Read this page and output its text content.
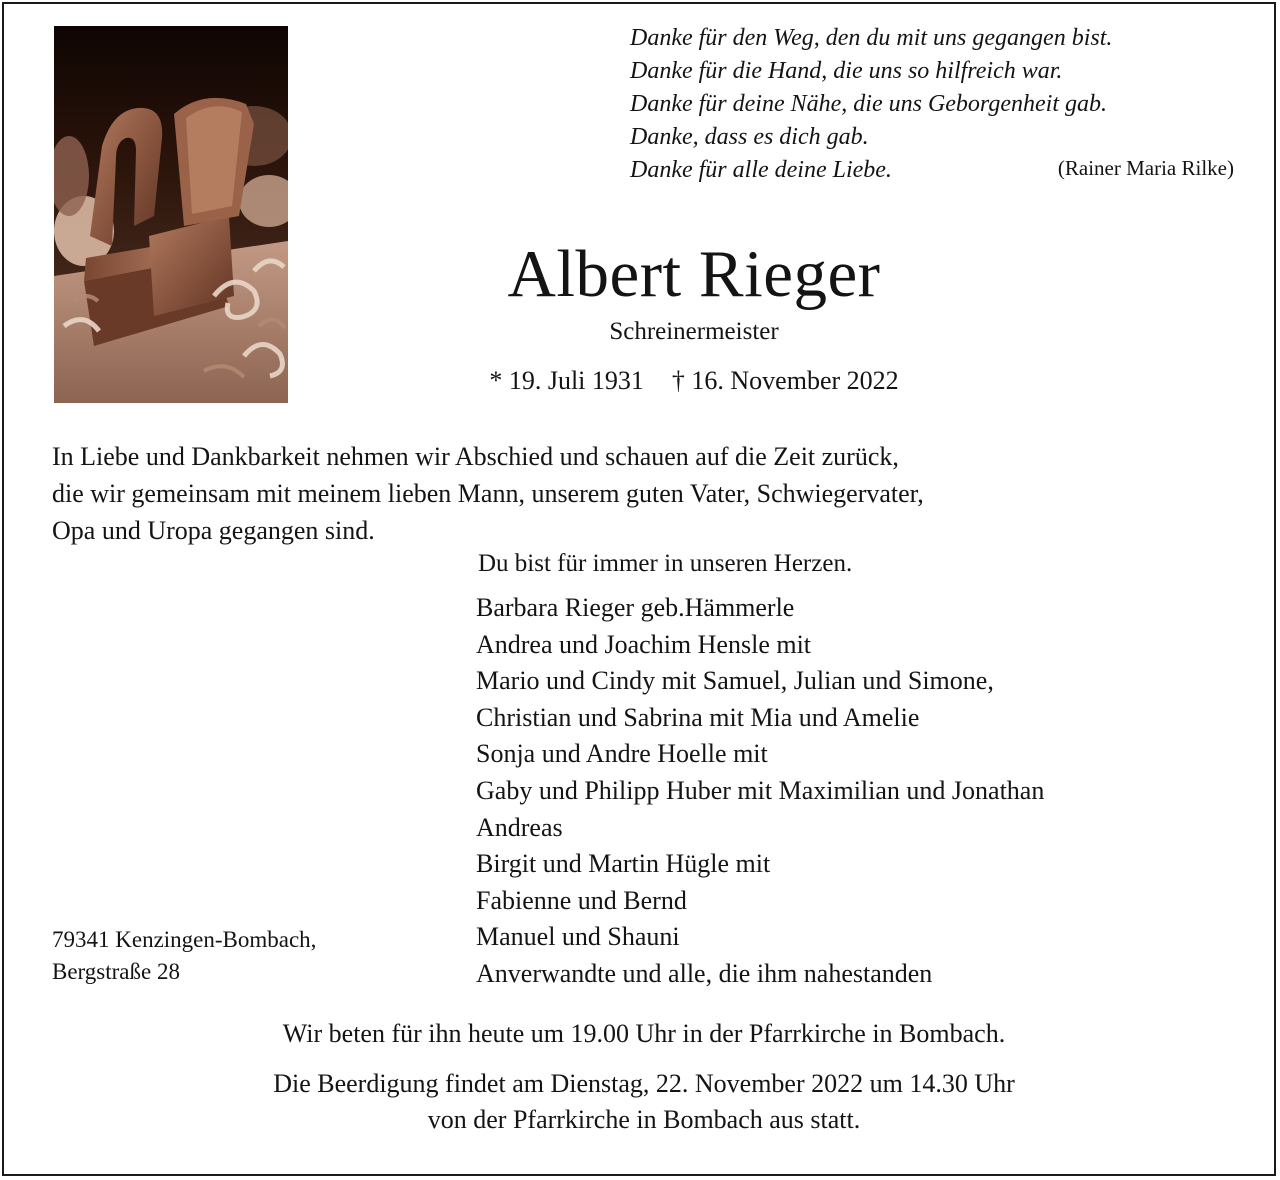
Danke für den Weg, den du mit uns gegangen bist.
Danke für die Hand, die uns so hilfreich war.
Danke für deine Nähe, die uns Geborgenheit gab.
Danke, dass es dich gab.
Danke für alle deine Liebe.	(Rainer Maria Rilke)
Albert Rieger
Schreinermeister
* 19. Juli 1931 † 16. November 2022
In Liebe und Dankbarkeit nehmen wir Abschied und schauen auf die Zeit zurück,
die wir gemeinsam mit meinem lieben Mann, unserem guten Vater, Schwiegervater,
Opa und Uropa gegangen sind.
Du bist für immer in unseren Herzen.
Barbara Rieger geb.Hämmerle
Andrea und Joachim Hensle mit
Mario und Cindy mit Samuel, Julian und Simone,
Christian und Sabrina mit Mia und Amelie
Sonja und Andre Hoelle mit
Gaby und Philipp Huber mit Maximilian und Jonathan
Andreas
Birgit und Martin Hügle mit
Fabienne und Bernd
Manuel und Shauni
Anverwandte und alle, die ihm nahestanden
79341 Kenzingen-Bombach,
Bergstraße 28
Wir beten für ihn heute um 19.00 Uhr in der Pfarrkirche in Bombach.
Die Beerdigung findet am Dienstag, 22. November 2022 um 14.30 Uhr
von der Pfarrkirche in Bombach aus statt.
